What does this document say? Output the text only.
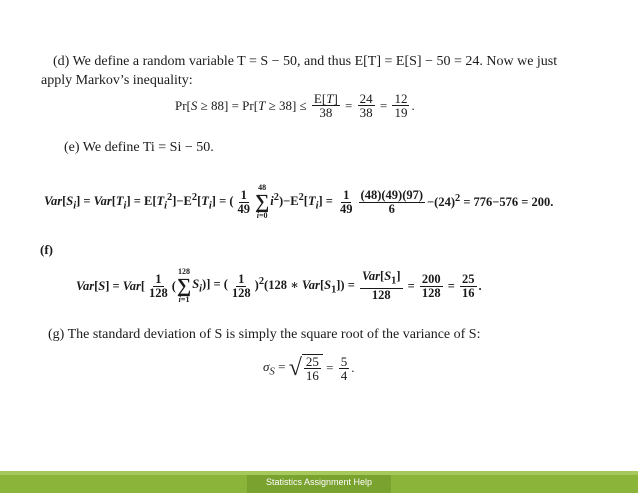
(d) We define a random variable T = S − 50, and thus E[T] = E[S] − 50 = 24. Now we just
apply Markov’s inequality:
$Pr[S \ge 88] = Pr[T \ge 38] \le \frac{E[T]}{38} = \frac{24}{38} = \frac{12}{19}$ .
(e) We define Ti = Si − 50.
$Var[S_i] = Var[T_i] = E[T_i^2]-E^2[T_i]$ = ( $\frac{1}{49}$
48
∑
i=0
$i^2)-E^2[T_i] = \frac{1}{49} \frac{(48)(49)(97)}{6} -(24)^2 = 776-576 = 200$.
(f)
$Var[S] = Var[ \frac{1}{128}$ (
128
∑
i=1
$S_i$)] = ( $\frac{1}{128} )^2(128$ ∗ $Var[S_1]) = \frac{Var[S_1]}{128} = \frac{200}{128} = \frac{25}{16}$ .
(g) The standard deviation of S is simply the square root of the variance of S:
$\sigma_S$ = √ $\frac{25}{16} = \frac{5}{4}$ .
Statistics Assignment Help
